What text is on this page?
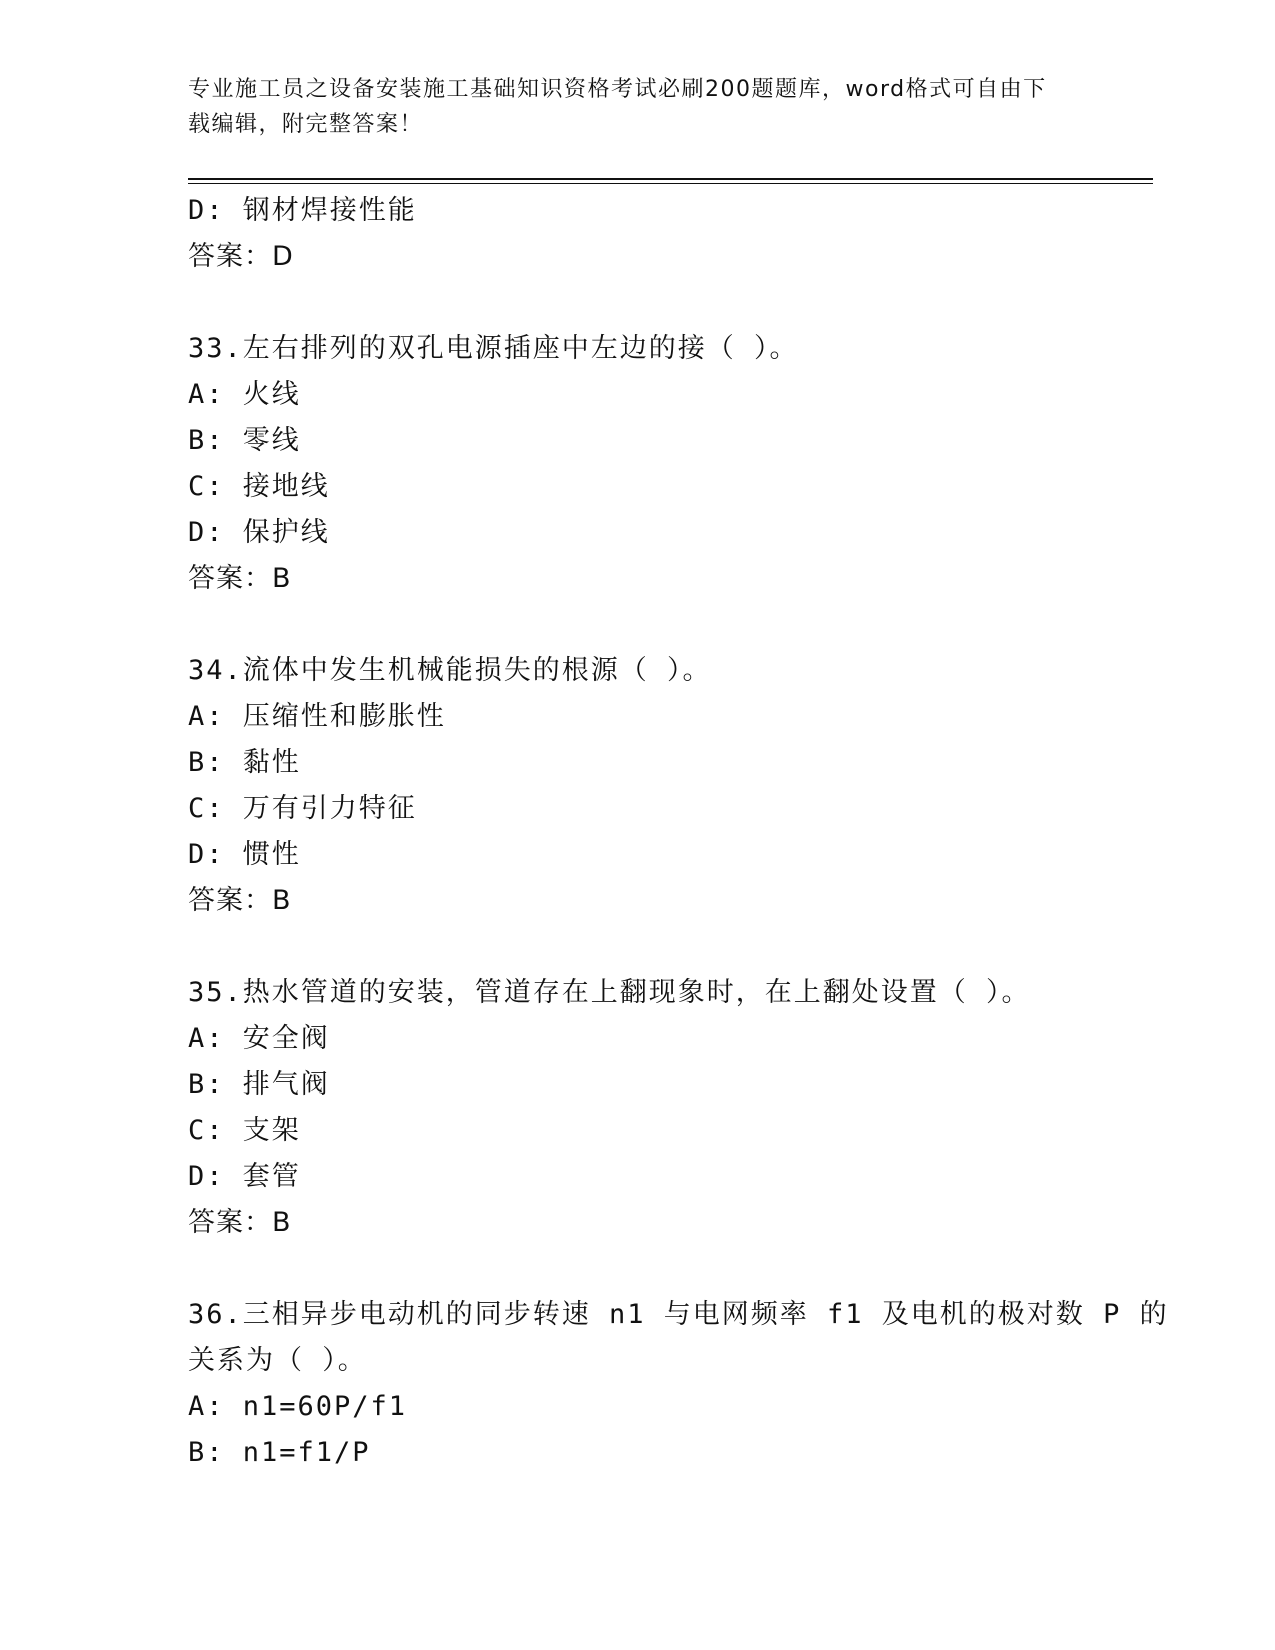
专业施工员之设备安装施工基础知识资格考试必刷200题题库，word格式可自由下载编辑，附完整答案！
D: 钢材焊接性能
答案：D
33.左右排列的双孔电源插座中左边的接（ ）。
A: 火线
B: 零线
C: 接地线
D: 保护线
答案：B
34.流体中发生机械能损失的根源（ ）。
A: 压缩性和膨胀性
B: 黏性
C: 万有引力特征
D: 惯性
答案：B
35.热水管道的安装，管道存在上翻现象时，在上翻处设置（ ）。
A: 安全阀
B: 排气阀
C: 支架
D: 套管
答案：B
36.三相异步电动机的同步转速 n1 与电网频率 f1 及电机的极对数 P 的
关系为（ ）。
A: n1=60P/f1
B: n1=f1/P
